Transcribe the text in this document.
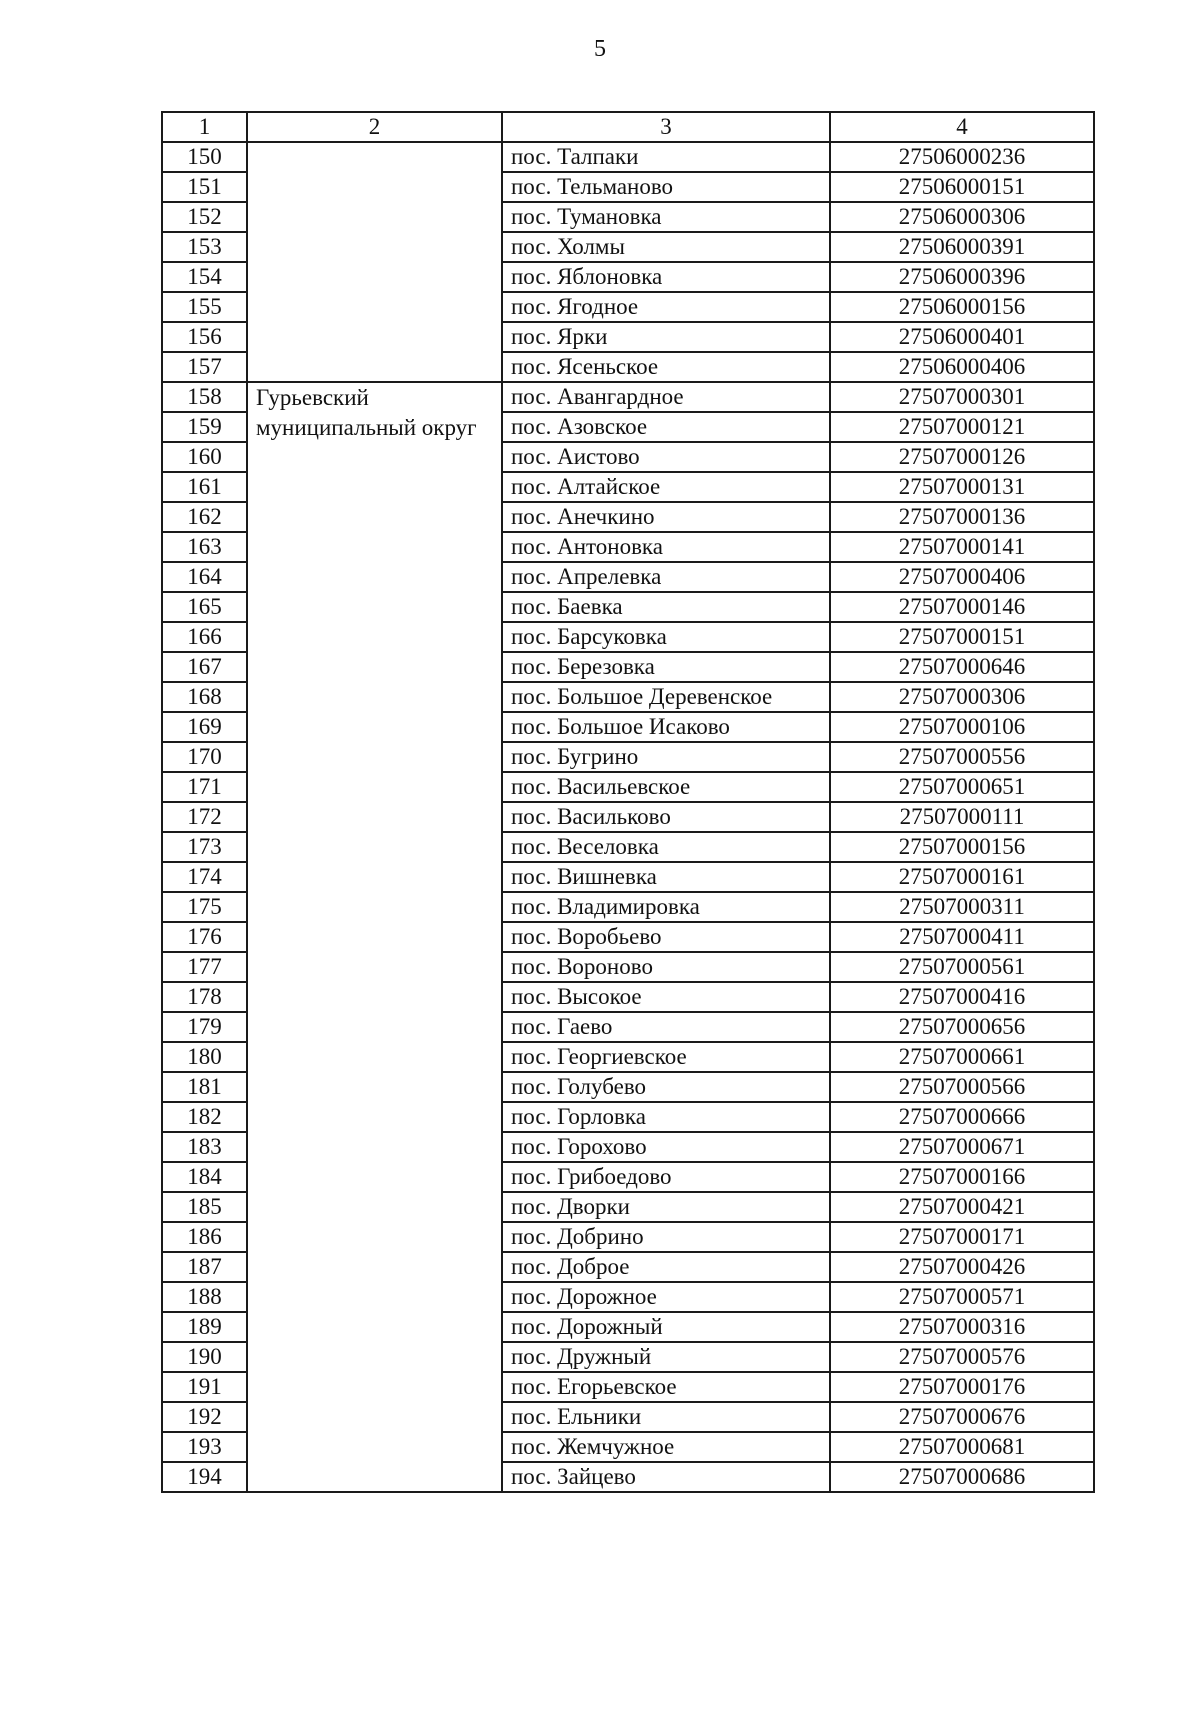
5
1	2	3	4
150		пос. Талпаки	27506000236
151		пос. Тельманово	27506000151
152		пос. Тумановка	27506000306
153		пос. Холмы	27506000391
154		пос. Яблоновка	27506000396
155		пос. Ягодное	27506000156
156		пос. Ярки	27506000401
157		пос. Ясеньское	27506000406
158	Гурьевский муниципальный округ	пос. Авангардное	27507000301
159		пос. Азовское	27507000121
160		пос. Аистово	27507000126
161		пос. Алтайское	27507000131
162		пос. Анечкино	27507000136
163		пос. Антоновка	27507000141
164		пос. Апрелевка	27507000406
165		пос. Баевка	27507000146
166		пос. Барсуковка	27507000151
167		пос. Березовка	27507000646
168		пос. Большое Деревенское	27507000306
169		пос. Большое Исаково	27507000106
170		пос. Бугрино	27507000556
171		пос. Васильевское	27507000651
172		пос. Васильково	27507000111
173		пос. Веселовка	27507000156
174		пос. Вишневка	27507000161
175		пос. Владимировка	27507000311
176		пос. Воробьево	27507000411
177		пос. Вороново	27507000561
178		пос. Высокое	27507000416
179		пос. Гаево	27507000656
180		пос. Георгиевское	27507000661
181		пос. Голубево	27507000566
182		пос. Горловка	27507000666
183		пос. Горохово	27507000671
184		пос. Грибоедово	27507000166
185		пос. Дворки	27507000421
186		пос. Добрино	27507000171
187		пос. Доброе	27507000426
188		пос. Дорожное	27507000571
189		пос. Дорожный	27507000316
190		пос. Дружный	27507000576
191		пос. Егорьевское	27507000176
192		пос. Ельники	27507000676
193		пос. Жемчужное	27507000681
194		пос. Зайцево	27507000686
